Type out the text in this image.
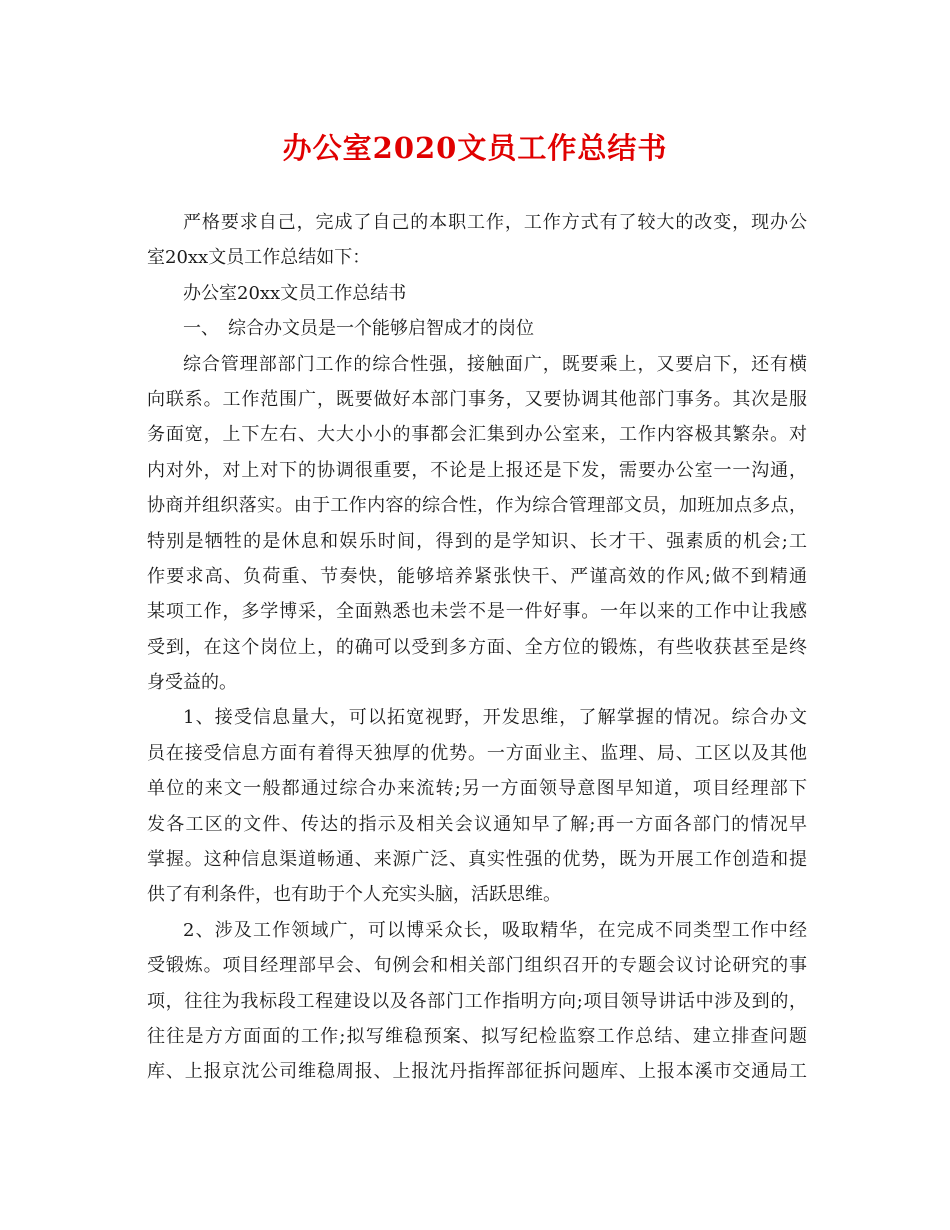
办公室2020文员工作总结书
严格要求自己，完成了自己的本职工作，工作方式有了较大的改变，现办公
室20xx文员工作总结如下：
办公室20xx文员工作总结书
一、　综合办文员是一个能够启智成才的岗位
综合管理部部门工作的综合性强，接触面广，既要乘上，又要启下，还有横
向联系。工作范围广，既要做好本部门事务，又要协调其他部门事务。其次是服
务面宽，上下左右、大大小小的事都会汇集到办公室来，工作内容极其繁杂。对
内对外，对上对下的协调很重要，不论是上报还是下发，需要办公室一一沟通，
协商并组织落实。由于工作内容的综合性，作为综合管理部文员，加班加点多点，
特别是牺牲的是休息和娱乐时间，得到的是学知识、长才干、强素质的机会;工
作要求高、负荷重、节奏快，能够培养紧张快干、严谨高效的作风;做不到精通
某项工作，多学博采，全面熟悉也未尝不是一件好事。一年以来的工作中让我感
受到，在这个岗位上，的确可以受到多方面、全方位的锻炼，有些收获甚至是终
身受益的。
1、接受信息量大，可以拓宽视野，开发思维，了解掌握的情况。综合办文
员在接受信息方面有着得天独厚的优势。一方面业主、监理、局、工区以及其他
单位的来文一般都通过综合办来流转;另一方面领导意图早知道，项目经理部下
发各工区的文件、传达的指示及相关会议通知早了解;再一方面各部门的情况早
掌握。这种信息渠道畅通、来源广泛、真实性强的优势，既为开展工作创造和提
供了有利条件，也有助于个人充实头脑，活跃思维。
2、涉及工作领域广，可以博采众长，吸取精华，在完成不同类型工作中经
受锻炼。项目经理部早会、旬例会和相关部门组织召开的专题会议讨论研究的事
项，往往为我标段工程建设以及各部门工作指明方向;项目领导讲话中涉及到的，
往往是方方面面的工作;拟写维稳预案、拟写纪检监察工作总结、建立排查问题
库、上报京沈公司维稳周报、上报沈丹指挥部征拆问题库、上报本溪市交通局工
